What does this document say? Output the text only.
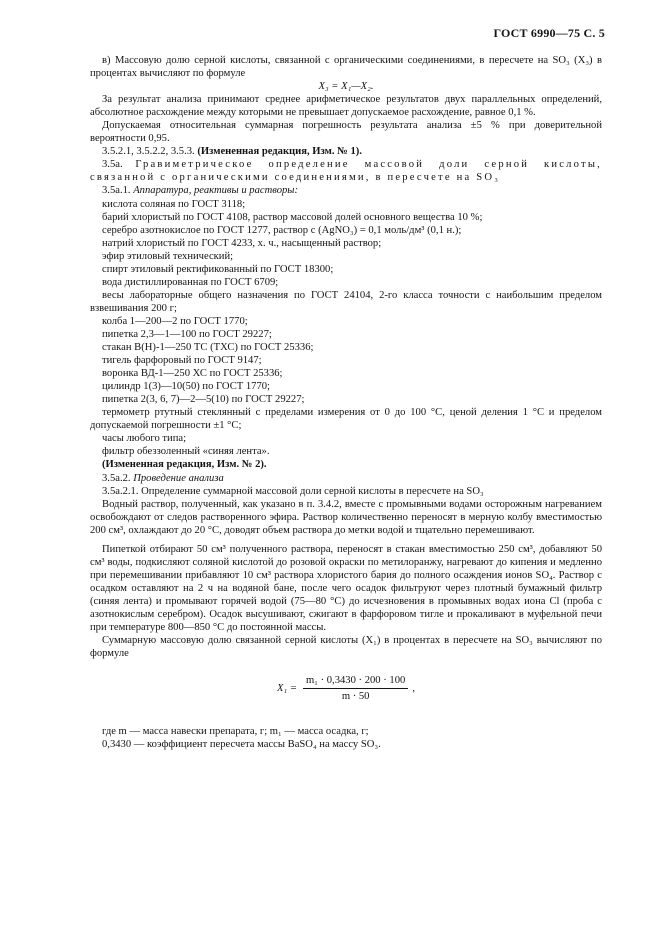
ГОСТ 6990—75 С. 5

в) Массовую долю серной кислоты, связанной с органическими соединениями, в пересчете на SO₃ (X₃) в процентах вычисляют по формуле

X₃ = X₁—X₂.

За результат анализа принимают среднее арифметическое результатов двух параллельных определений, абсолютное расхождение между которыми не превышает допускаемое расхождение, равное 0,1 %.

Допускаемая относительная суммарная погрешность результата анализа ±5 % при доверительной вероятности 0,95.

3.5.2.1, 3.5.2.2, 3.5.3. (Измененная редакция, Изм. № 1).

3.5а. Гравиметрическое определение массовой доли серной кислоты, связанной с органическими соединениями, в пересчете на SO₃

3.5а.1. Аппаратура, реактивы и растворы:

кислота соляная по ГОСТ 3118;

барий хлористый по ГОСТ 4108, раствор массовой долей основного вещества 10 %;

серебро азотнокислое по ГОСТ 1277, раствор c (AgNO₃) = 0,1 моль/дм³ (0,1 н.);

натрий хлористый по ГОСТ 4233, х. ч., насыщенный раствор;

эфир этиловый технический;

спирт этиловый ректификованный по ГОСТ 18300;

вода дистиллированная по ГОСТ 6709;

весы лабораторные общего назначения по ГОСТ 24104, 2-го класса точности с наибольшим пределом взвешивания 200 г;

колба 1—200—2 по ГОСТ 1770;

пипетка 2,3—1—100 по ГОСТ 29227;

стакан В(Н)-1—250 ТС (ТХС) по ГОСТ 25336;

тигель фарфоровый по ГОСТ 9147;

воронка ВД-1—250 ХС по ГОСТ 25336;

цилиндр 1(3)—10(50) по ГОСТ 1770;

пипетка 2(3, 6, 7)—2—5(10) по ГОСТ 29227;

термометр ртутный стеклянный с пределами измерения от 0 до 100 °С, ценой деления 1 °С и пределом допускаемой погрешности ±1 °С;

часы любого типа;

фильтр обеззоленный «синяя лента».

(Измененная редакция, Изм. № 2).

3.5а.2. Проведение анализа

3.5а.2.1. Определение суммарной массовой доли серной кислоты в пересчете на SO₃

Водный раствор, полученный, как указано в п. 3.4.2, вместе с промывными водами осторожным нагреванием освобождают от следов растворенного эфира. Раствор количественно переносят в мерную колбу вместимостью 200 см³, охлаждают до 20 °С, доводят объем раствора до метки водой и тщательно перемешивают.

Пипеткой отбирают 50 см³ полученного раствора, переносят в стакан вместимостью 250 см³, добавляют 50 см³ воды, подкисляют соляной кислотой до розовой окраски по метилоранжу, нагревают до кипения и медленно при перемешивании прибавляют 10 см³ раствора хлористого бария до полного осаждения ионов SO₄. Раствор с осадком оставляют на 2 ч на водяной бане, после чего осадок фильтруют через плотный бумажный фильтр (синяя лента) и промывают горячей водой (75—80 °С) до исчезновения в промывных водах иона Cl (проба с азотнокислым серебром). Осадок высушивают, сжигают в фарфоровом тигле и прокаливают в муфельной печи при температуре 800—850 °С до постоянной массы.

Суммарную массовую долю связанной серной кислоты (X₁) в процентах в пересчете на SO₃ вычисляют по формуле

$X_1 = \frac{\text{m₁ · 0,3430 · 200 · 100}}{m \cdot 50}$ ,

где m — масса навески препарата, г; m₁ — масса осадка, г;

0,3430 — коэффициент пересчета массы BaSO₄ на массу SO₃.
